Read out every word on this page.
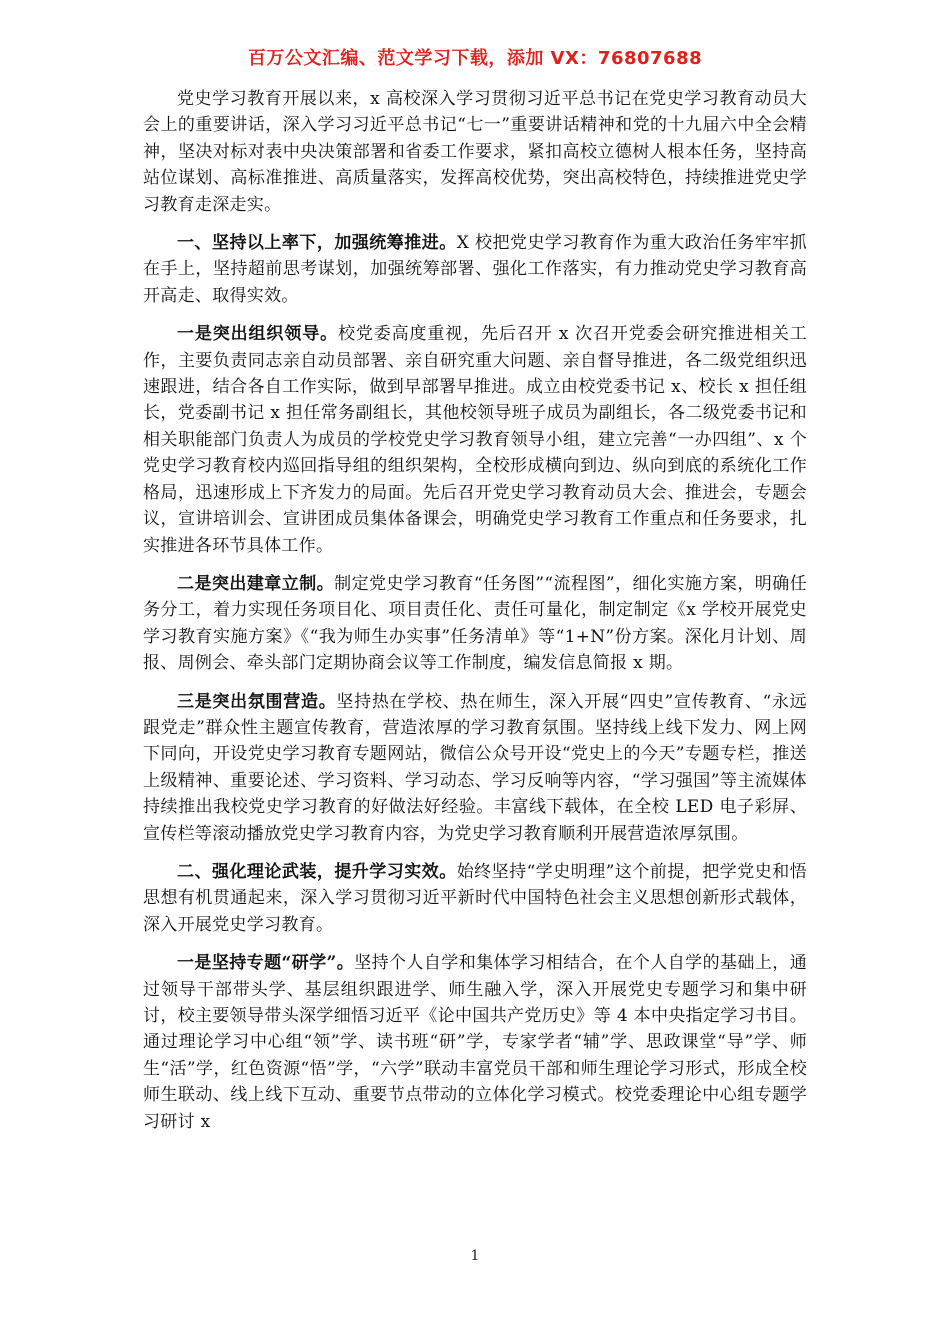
百万公文汇编、范文学习下载，添加 VX：76807688

党史学习教育开展以来，x 高校深入学习贯彻习近平总书记在党史学习教育动员大会上的重要讲话，深入学习习近平总书记“七一”重要讲话精神和党的十九届六中全会精神，坚决对标对表中央决策部署和省委工作要求，紧扣高校立德树人根本任务，坚持高站位谋划、高标准推进、高质量落实，发挥高校优势，突出高校特色，持续推进党史学习教育走深走实。

一、坚持以上率下，加强统筹推进。X 校把党史学习教育作为重大政治任务牢牢抓在手上，坚持超前思考谋划，加强统筹部署、强化工作落实，有力推动党史学习教育高开高走、取得实效。

一是突出组织领导。校党委高度重视，先后召开 x 次召开党委会研究推进相关工作，主要负责同志亲自动员部署、亲自研究重大问题、亲自督导推进，各二级党组织迅速跟进，结合各自工作实际，做到早部署早推进。成立由校党委书记 x、校长 x 担任组长，党委副书记 x 担任常务副组长，其他校领导班子成员为副组长，各二级党委书记和相关职能部门负责人为成员的学校党史学习教育领导小组，建立完善“一办四组”、x 个党史学习教育校内巡回指导组的组织架构，全校形成横向到边、纵向到底的系统化工作格局，迅速形成上下齐发力的局面。先后召开党史学习教育动员大会、推进会，专题会议，宣讲培训会、宣讲团成员集体备课会，明确党史学习教育工作重点和任务要求，扎实推进各环节具体工作。

二是突出建章立制。制定党史学习教育“任务图”“流程图”，细化实施方案，明确任务分工，着力实现任务项目化、项目责任化、责任可量化，制定制定《x 学校开展党史学习教育实施方案》《“我为师生办实事”任务清单》等“1+N”份方案。深化月计划、周报、周例会、牵头部门定期协商会议等工作制度，编发信息简报 x 期。

三是突出氛围营造。坚持热在学校、热在师生，深入开展“四史”宣传教育、“永远跟党走”群众性主题宣传教育，营造浓厚的学习教育氛围。坚持线上线下发力、网上网下同向，开设党史学习教育专题网站，微信公众号开设“党史上的今天”专题专栏，推送上级精神、重要论述、学习资料、学习动态、学习反响等内容，“学习强国”等主流媒体持续推出我校党史学习教育的好做法好经验。丰富线下载体，在全校 LED 电子彩屏、宣传栏等滚动播放党史学习教育内容，为党史学习教育顺利开展营造浓厚氛围。

二、强化理论武装，提升学习实效。始终坚持“学史明理”这个前提，把学党史和悟思想有机贯通起来，深入学习贯彻习近平新时代中国特色社会主义思想创新形式载体，深入开展党史学习教育。

一是坚持专题“研学”。坚持个人自学和集体学习相结合，在个人自学的基础上，通过领导干部带头学、基层组织跟进学、师生融入学，深入开展党史专题学习和集中研讨，校主要领导带头深学细悟习近平《论中国共产党历史》等 4 本中央指定学习书目。通过理论学习中心组“领”学、读书班“研”学，专家学者“辅”学、思政课堂“导”学、师生“活”学，红色资源“悟”学，“六学”联动丰富党员干部和师生理论学习形式，形成全校师生联动、线上线下互动、重要节点带动的立体化学习模式。校党委理论中心组专题学习研讨 x

1
